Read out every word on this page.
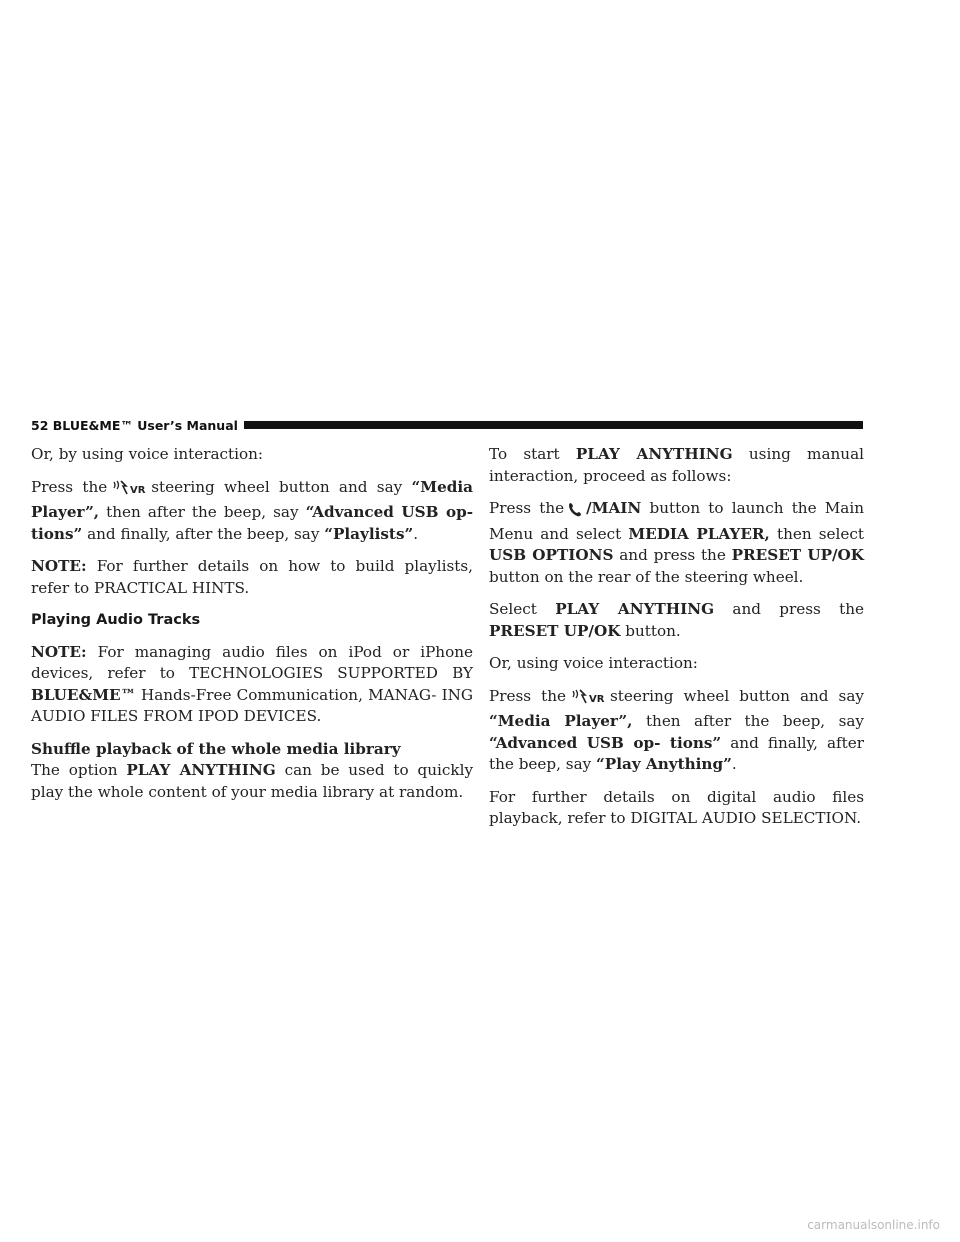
52 BLUE&ME™ User’s Manual

Or, by using voice interaction:

Press the VR steering wheel button and say “Media Player”, then after the beep, say “Advanced USB op- tions” and finally, after the beep, say “Playlists”.

NOTE: For further details on how to build playlists, refer to PRACTICAL HINTS.

Playing Audio Tracks

NOTE: For managing audio files on iPod or iPhone devices, refer to TECHNOLOGIES SUPPORTED BY BLUE&ME™ Hands-Free Communication, MANAG- ING AUDIO FILES FROM IPOD DEVICES.

Shuffle playback of the whole media library

The option PLAY ANYTHING can be used to quickly play the whole content of your media library at random.

To start PLAY ANYTHING using manual interaction, proceed as follows:

Press the /MAIN button to launch the Main Menu and select MEDIA PLAYER, then select USB OPTIONS and press the PRESET UP/OK button on the rear of the steering wheel.

Select PLAY ANYTHING and press the PRESET UP/OK button.

Or, using voice interaction:

Press the VR steering wheel button and say “Media Player”, then after the beep, say “Advanced USB op- tions” and finally, after the beep, say “Play Anything”.

For further details on digital audio files playback, refer to DIGITAL AUDIO SELECTION.

carmanualsonline.info
